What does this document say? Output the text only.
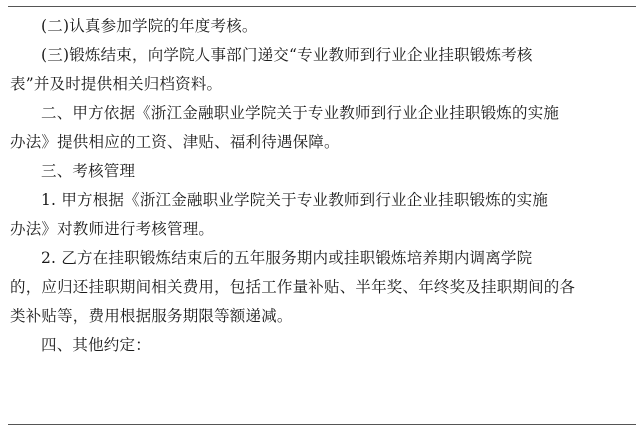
(二)认真参加学院的年度考核。

(三)锻炼结束，向学院人事部门递交“专业教师到行业企业挂职锻炼考核
表”并及时提供相关归档资料。

二、甲方依据《浙江金融职业学院关于专业教师到行业企业挂职锻炼的实施
办法》提供相应的工资、津贴、福利待遇保障。

三、考核管理

1. 甲方根据《浙江金融职业学院关于专业教师到行业企业挂职锻炼的实施
办法》对教师进行考核管理。

2. 乙方在挂职锻炼结束后的五年服务期内或挂职锻炼培养期内调离学院
的，应归还挂职期间相关费用，包括工作量补贴、半年奖、年终奖及挂职期间的各
类补贴等，费用根据服务期限等额递减。

四、其他约定：
